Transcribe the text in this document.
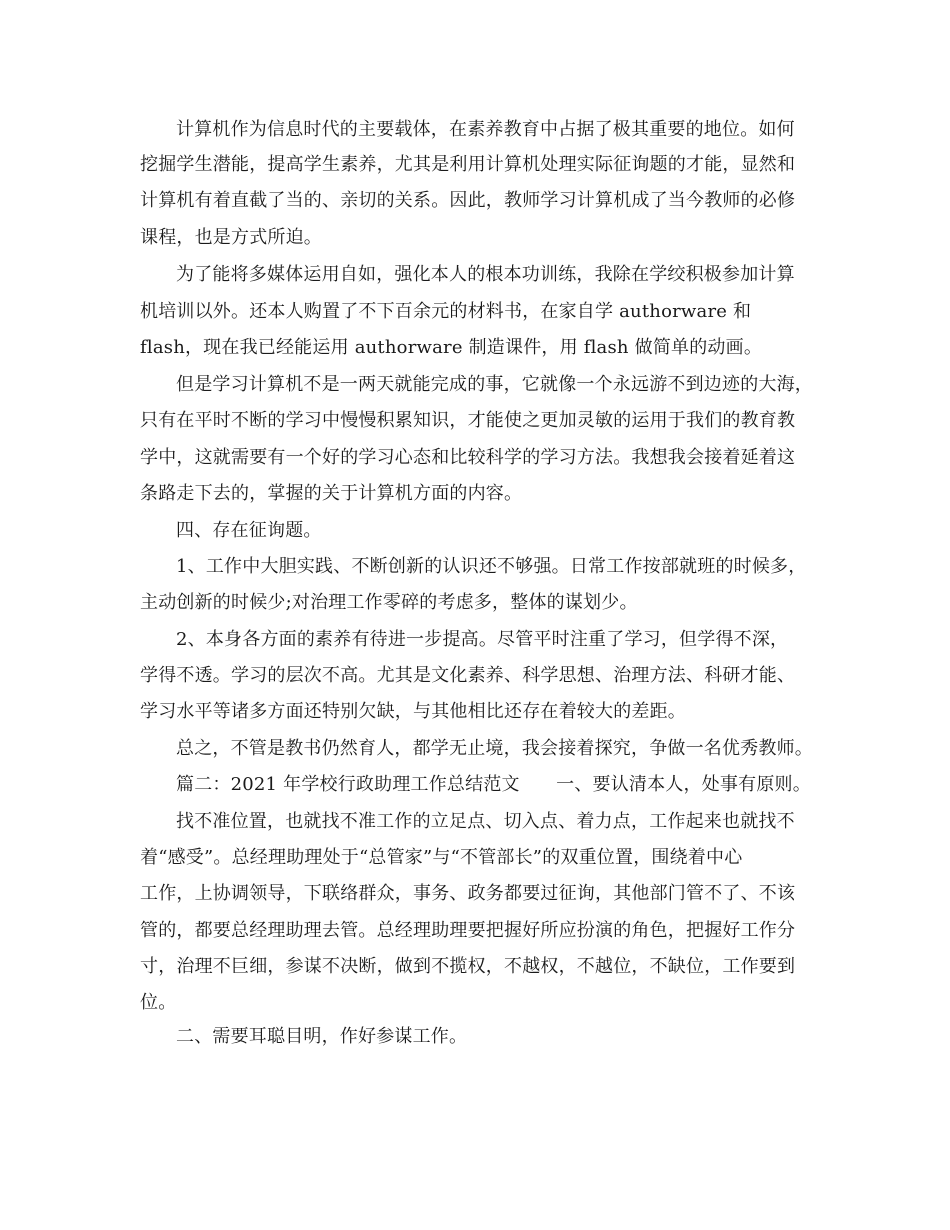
计算机作为信息时代的主要载体，在素养教育中占据了极其重要的地位。如何
挖掘学生潜能，提高学生素养，尤其是利用计算机处理实际征询题的才能，显然和
计算机有着直截了当的、亲切的关系。因此，教师学习计算机成了当今教师的必修
课程，也是方式所迫。
为了能将多媒体运用自如，强化本人的根本功训练，我除在学绞积极参加计算
机培训以外。还本人购置了不下百余元的材料书，在家自学 authorware 和
flash，现在我已经能运用 authorware 制造课件，用 flash 做简单的动画。
但是学习计算机不是一两天就能完成的事，它就像一个永远游不到边迹的大海，
只有在平时不断的学习中慢慢积累知识，才能使之更加灵敏的运用于我们的教育教
学中，这就需要有一个好的学习心态和比较科学的学习方法。我想我会接着延着这
条路走下去的，掌握的关于计算机方面的内容。
四、存在征询题。
1、工作中大胆实践、不断创新的认识还不够强。日常工作按部就班的时候多，
主动创新的时候少;对治理工作零碎的考虑多，整体的谋划少。
2、本身各方面的素养有待进一步提高。尽管平时注重了学习，但学得不深，
学得不透。学习的层次不高。尤其是文化素养、科学思想、治理方法、科研才能、
学习水平等诸多方面还特别欠缺，与其他相比还存在着较大的差距。
总之，不管是教书仍然育人，都学无止境，我会接着探究，争做一名优秀教师。
篇二：2021 年学校行政助理工作总结范文　　一、要认清本人，处事有原则。
找不准位置，也就找不准工作的立足点、切入点、着力点，工作起来也就找不
着“感受”。总经理助理处于“总管家”与“不管部长”的双重位置，围绕着中心
工作，上协调领导，下联络群众，事务、政务都要过征询，其他部门管不了、不该
管的，都要总经理助理去管。总经理助理要把握好所应扮演的角色，把握好工作分
寸，治理不巨细，参谋不决断，做到不揽权，不越权，不越位，不缺位，工作要到
位。
二、需要耳聪目明，作好参谋工作。
